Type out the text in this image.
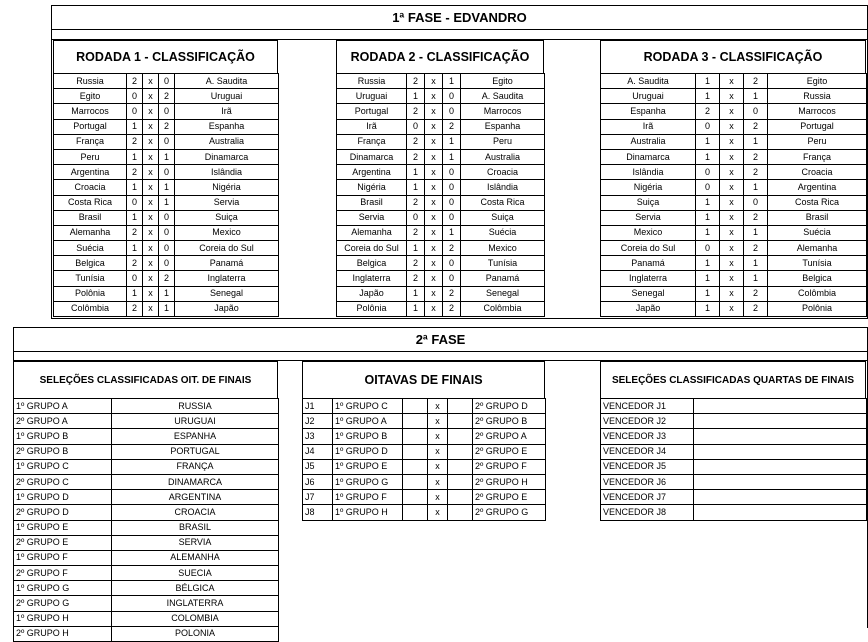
1ª FASE - EDVANDRO
RODADA 1 - CLASSIFICAÇÃO
Russia	2	x	0	A. Saudita
Egito	0	x	2	Uruguai
Marrocos	0	x	0	Irã
Portugal	1	x	2	Espanha
França	2	x	0	Australia
Peru	1	x	1	Dinamarca
Argentina	2	x	0	Islândia
Croacia	1	x	1	Nigéria
Costa Rica	0	x	1	Servia
Brasil	1	x	0	Suiça
Alemanha	2	x	0	Mexico
Suécia	1	x	0	Coreia do Sul
Belgica	2	x	0	Panamá
Tunísia	0	x	2	Inglaterra
Polônia	1	x	1	Senegal
Colômbia	2	x	1	Japão
RODADA 2 - CLASSIFICAÇÃO
Russia	2	x	1	Egito
Uruguai	1	x	0	A. Saudita
Portugal	2	x	0	Marrocos
Irã	0	x	2	Espanha
França	2	x	1	Peru
Dinamarca	2	x	1	Australia
Argentina	1	x	0	Croacia
Nigéria	1	x	0	Islândia
Brasil	2	x	0	Costa Rica
Servia	0	x	0	Suiça
Alemanha	2	x	1	Suécia
Coreia do Sul	1	x	2	Mexico
Belgica	2	x	0	Tunísia
Inglaterra	2	x	0	Panamá
Japão	1	x	2	Senegal
Polônia	1	x	2	Colômbia
RODADA 3 - CLASSIFICAÇÃO
A. Saudita	1	x	2	Egito
Uruguai	1	x	1	Russia
Espanha	2	x	0	Marrocos
Irã	0	x	2	Portugal
Australia	1	x	1	Peru
Dinamarca	1	x	2	França
Islândia	0	x	2	Croacia
Nigéria	0	x	1	Argentina
Suiça	1	x	0	Costa Rica
Servia	1	x	2	Brasil
Mexico	1	x	1	Suécia
Coreia do Sul	0	x	2	Alemanha
Panamá	1	x	1	Tunísia
Inglaterra	1	x	1	Belgica
Senegal	1	x	2	Colômbia
Japão	1	x	2	Polônia
2ª FASE
SELEÇÕES CLASSIFICADAS OIT. DE FINAIS
1º GRUPO A	RUSSIA
2º GRUPO A	URUGUAI
1º GRUPO B	ESPANHA
2º GRUPO B	PORTUGAL
1º GRUPO C	FRANÇA
2º GRUPO C	DINAMARCA
1º GRUPO D	ARGENTINA
2º GRUPO D	CROACIA
1º GRUPO E	BRASIL
2º GRUPO E	SERVIA
1º GRUPO F	ALEMANHA
2º GRUPO F	SUECIA
1º GRUPO G	BÉLGICA
2º GRUPO G	INGLATERRA
1º GRUPO H	COLOMBIA
2º GRUPO H	POLONIA
OITAVAS DE FINAIS
J1	1º GRUPO C		x		2º GRUPO D
J2	1º GRUPO A		x		2º GRUPO B
J3	1º GRUPO B		x		2º GRUPO A
J4	1º GRUPO D		x		2º GRUPO E
J5	1º GRUPO E		x		2º GRUPO F
J6	1º GRUPO G		x		2º GRUPO H
J7	1º GRUPO F		x		2º GRUPO E
J8	1º GRUPO H		x		2º GRUPO G
SELEÇÕES CLASSIFICADAS QUARTAS DE FINAIS
VENCEDOR J1	
VENCEDOR J2	
VENCEDOR J3	
VENCEDOR J4	
VENCEDOR J5	
VENCEDOR J6	
VENCEDOR J7	
VENCEDOR J8	
